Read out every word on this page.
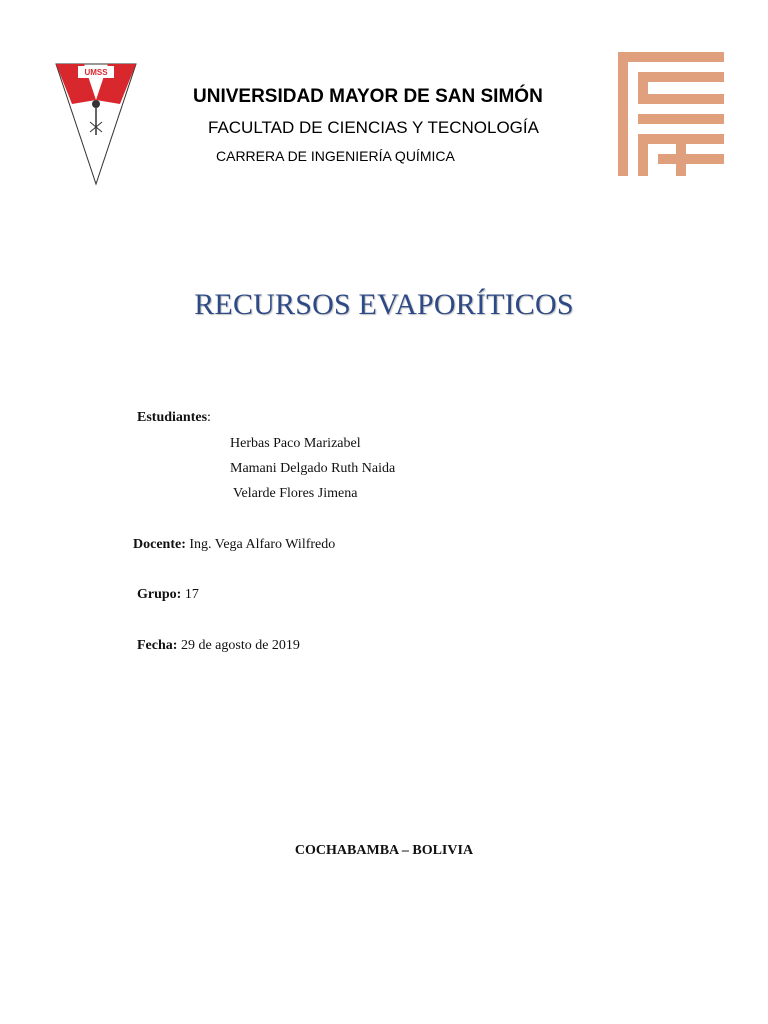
UMSS
UNIVERSIDAD MAYOR DE SAN SIMÓN
FACULTAD DE CIENCIAS Y TECNOLOGÍA
CARRERA DE INGENIERÍA QUÍMICA
RECURSOS EVAPORÍTICOS
Estudiantes:
Herbas Paco Marizabel
Mamani Delgado Ruth Naida
Velarde Flores Jimena
Docente: Ing. Vega Alfaro Wilfredo
Grupo: 17
Fecha: 29 de agosto de 2019
COCHABAMBA – BOLIVIA
